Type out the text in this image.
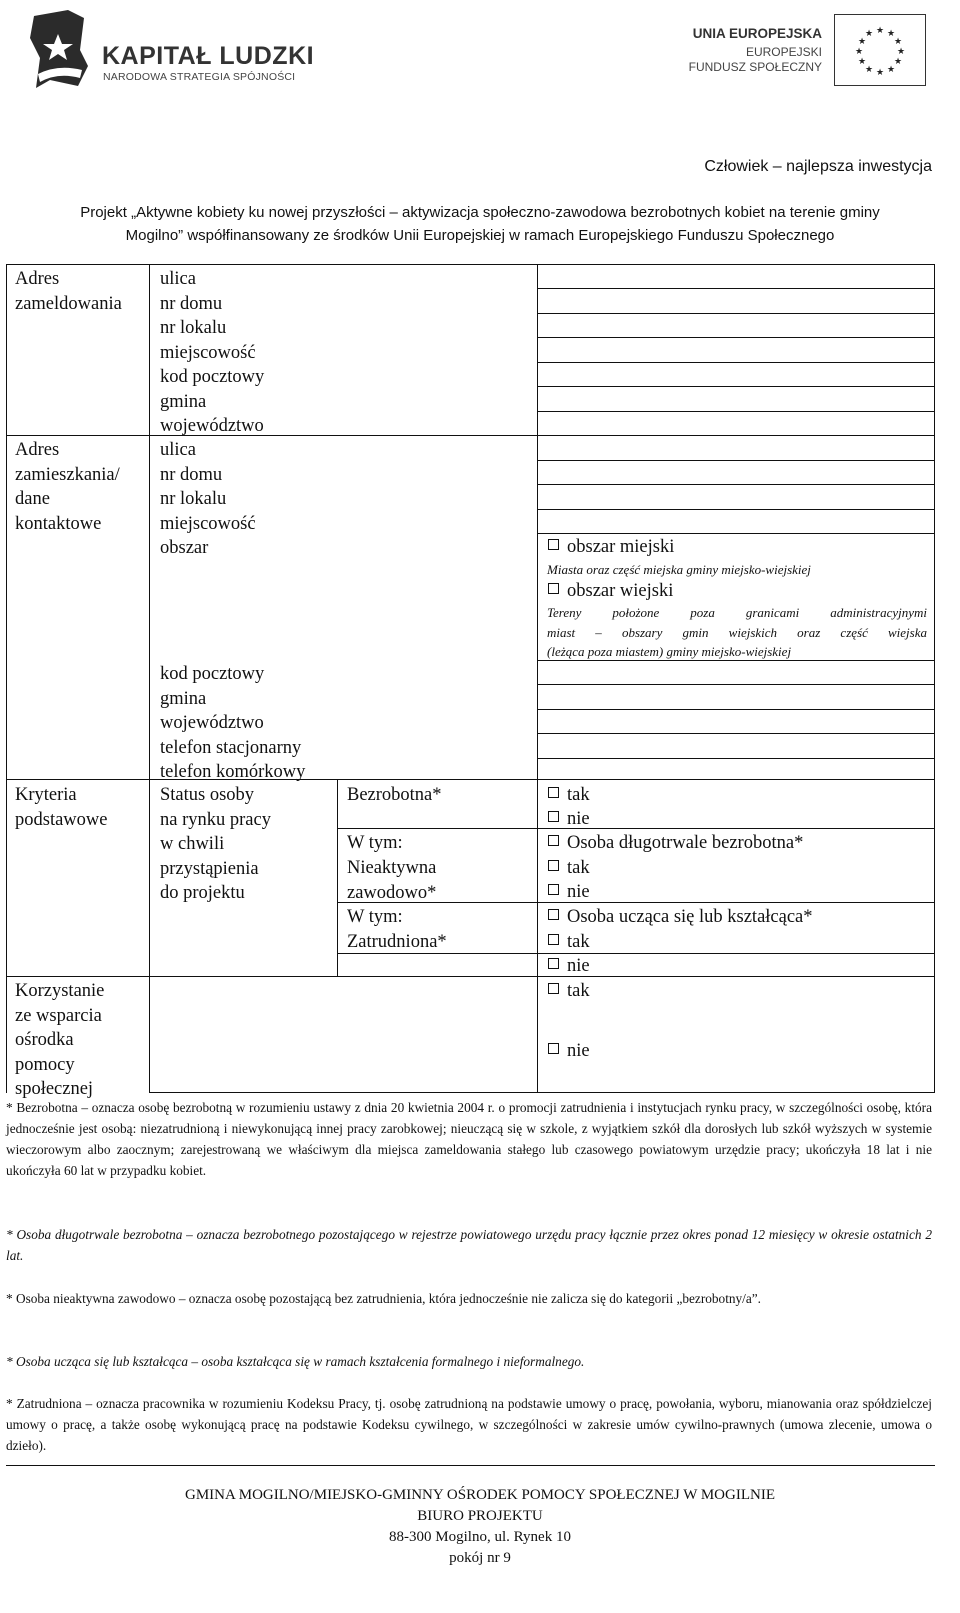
KAPITAŁ LUDZKI
NARODOWA STRATEGIA SPÓJNOŚCI
UNIA EUROPEJSKA
EUROPEJSKI
FUNDUSZ SPOŁECZNY
★ ★
★
★
★
★
★
★
★
★
★
★
Człowiek – najlepsza inwestycja
Projekt „Aktywne kobiety ku nowej przyszłości – aktywizacja społeczno-zawodowa bezrobotnych kobiet na terenie gminy
Mogilno” współfinansowany ze środków Unii Europejskiej w ramach Europejskiego Funduszu Społecznego
Adres
zameldowania
Adres
zamieszkania/
dane
kontaktowe
Kryteria
podstawowe
Korzystanie
ze wsparcia
ośrodka
pomocy
społecznej
ulica
nr domu
nr lokalu
miejscowość
kod pocztowy
gmina
województwo
ulica
nr domu
nr lokalu
miejscowość
obszar
kod pocztowy
gmina
województwo
telefon stacjonarny
telefon komórkowy
Status osoby
na rynku pracy
w chwili
przystąpienia
do projektu
Bezrobotna*
W tym:
Nieaktywna
zawodowo*
W tym:
Zatrudniona*
obszar miejski
Miasta oraz część miejska gminy miejsko-wiejskiej
obszar wiejski
Tereny położone poza granicami administracyjnymi
miast – obszary gmin wiejskich oraz część wiejska
(leżąca poza miastem) gminy miejsko-wiejskiej
tak
nie
Osoba długotrwale bezrobotna*
tak
nie
Osoba ucząca się lub kształcąca*
tak
nie
tak
nie
* Bezrobotna – oznacza osobę bezrobotną w rozumieniu ustawy z dnia 20 kwietnia 2004 r. o promocji zatrudnienia i instytucjach rynku pracy, w szczególności osobę, która jednocześnie jest osobą: niezatrudnioną i niewykonującą innej pracy zarobkowej; nieuczącą się w szkole, z wyjątkiem szkół dla dorosłych lub szkół wyższych w systemie wieczorowym albo zaocznym; zarejestrowaną we właściwym dla miejsca zameldowania stałego lub czasowego powiatowym urzędzie pracy; ukończyła 18 lat i nie ukończyła 60 lat w przypadku kobiet.
* Osoba długotrwale bezrobotna – oznacza bezrobotnego pozostającego w rejestrze powiatowego urzędu pracy łącznie przez okres ponad 12 miesięcy w okresie ostatnich 2 lat.
* Osoba nieaktywna zawodowo – oznacza osobę pozostającą bez zatrudnienia, która jednocześnie nie zalicza się do kategorii „bezrobotny/a”.
* Osoba ucząca się lub kształcąca – osoba kształcąca się w ramach kształcenia formalnego i nieformalnego.
* Zatrudniona – oznacza pracownika w rozumieniu Kodeksu Pracy, tj. osobę zatrudnioną na podstawie umowy o pracę, powołania, wyboru, mianowania oraz spółdzielczej umowy o pracę, a także osobę wykonującą pracę na podstawie Kodeksu cywilnego, w szczególności w zakresie umów cywilno-prawnych (umowa zlecenie, umowa o dzieło).
GMINA MOGILNO/MIEJSKO-GMINNY OŚRODEK POMOCY SPOŁECZNEJ W MOGILNIE
BIURO PROJEKTU
88-300 Mogilno, ul. Rynek 10
pokój nr 9
